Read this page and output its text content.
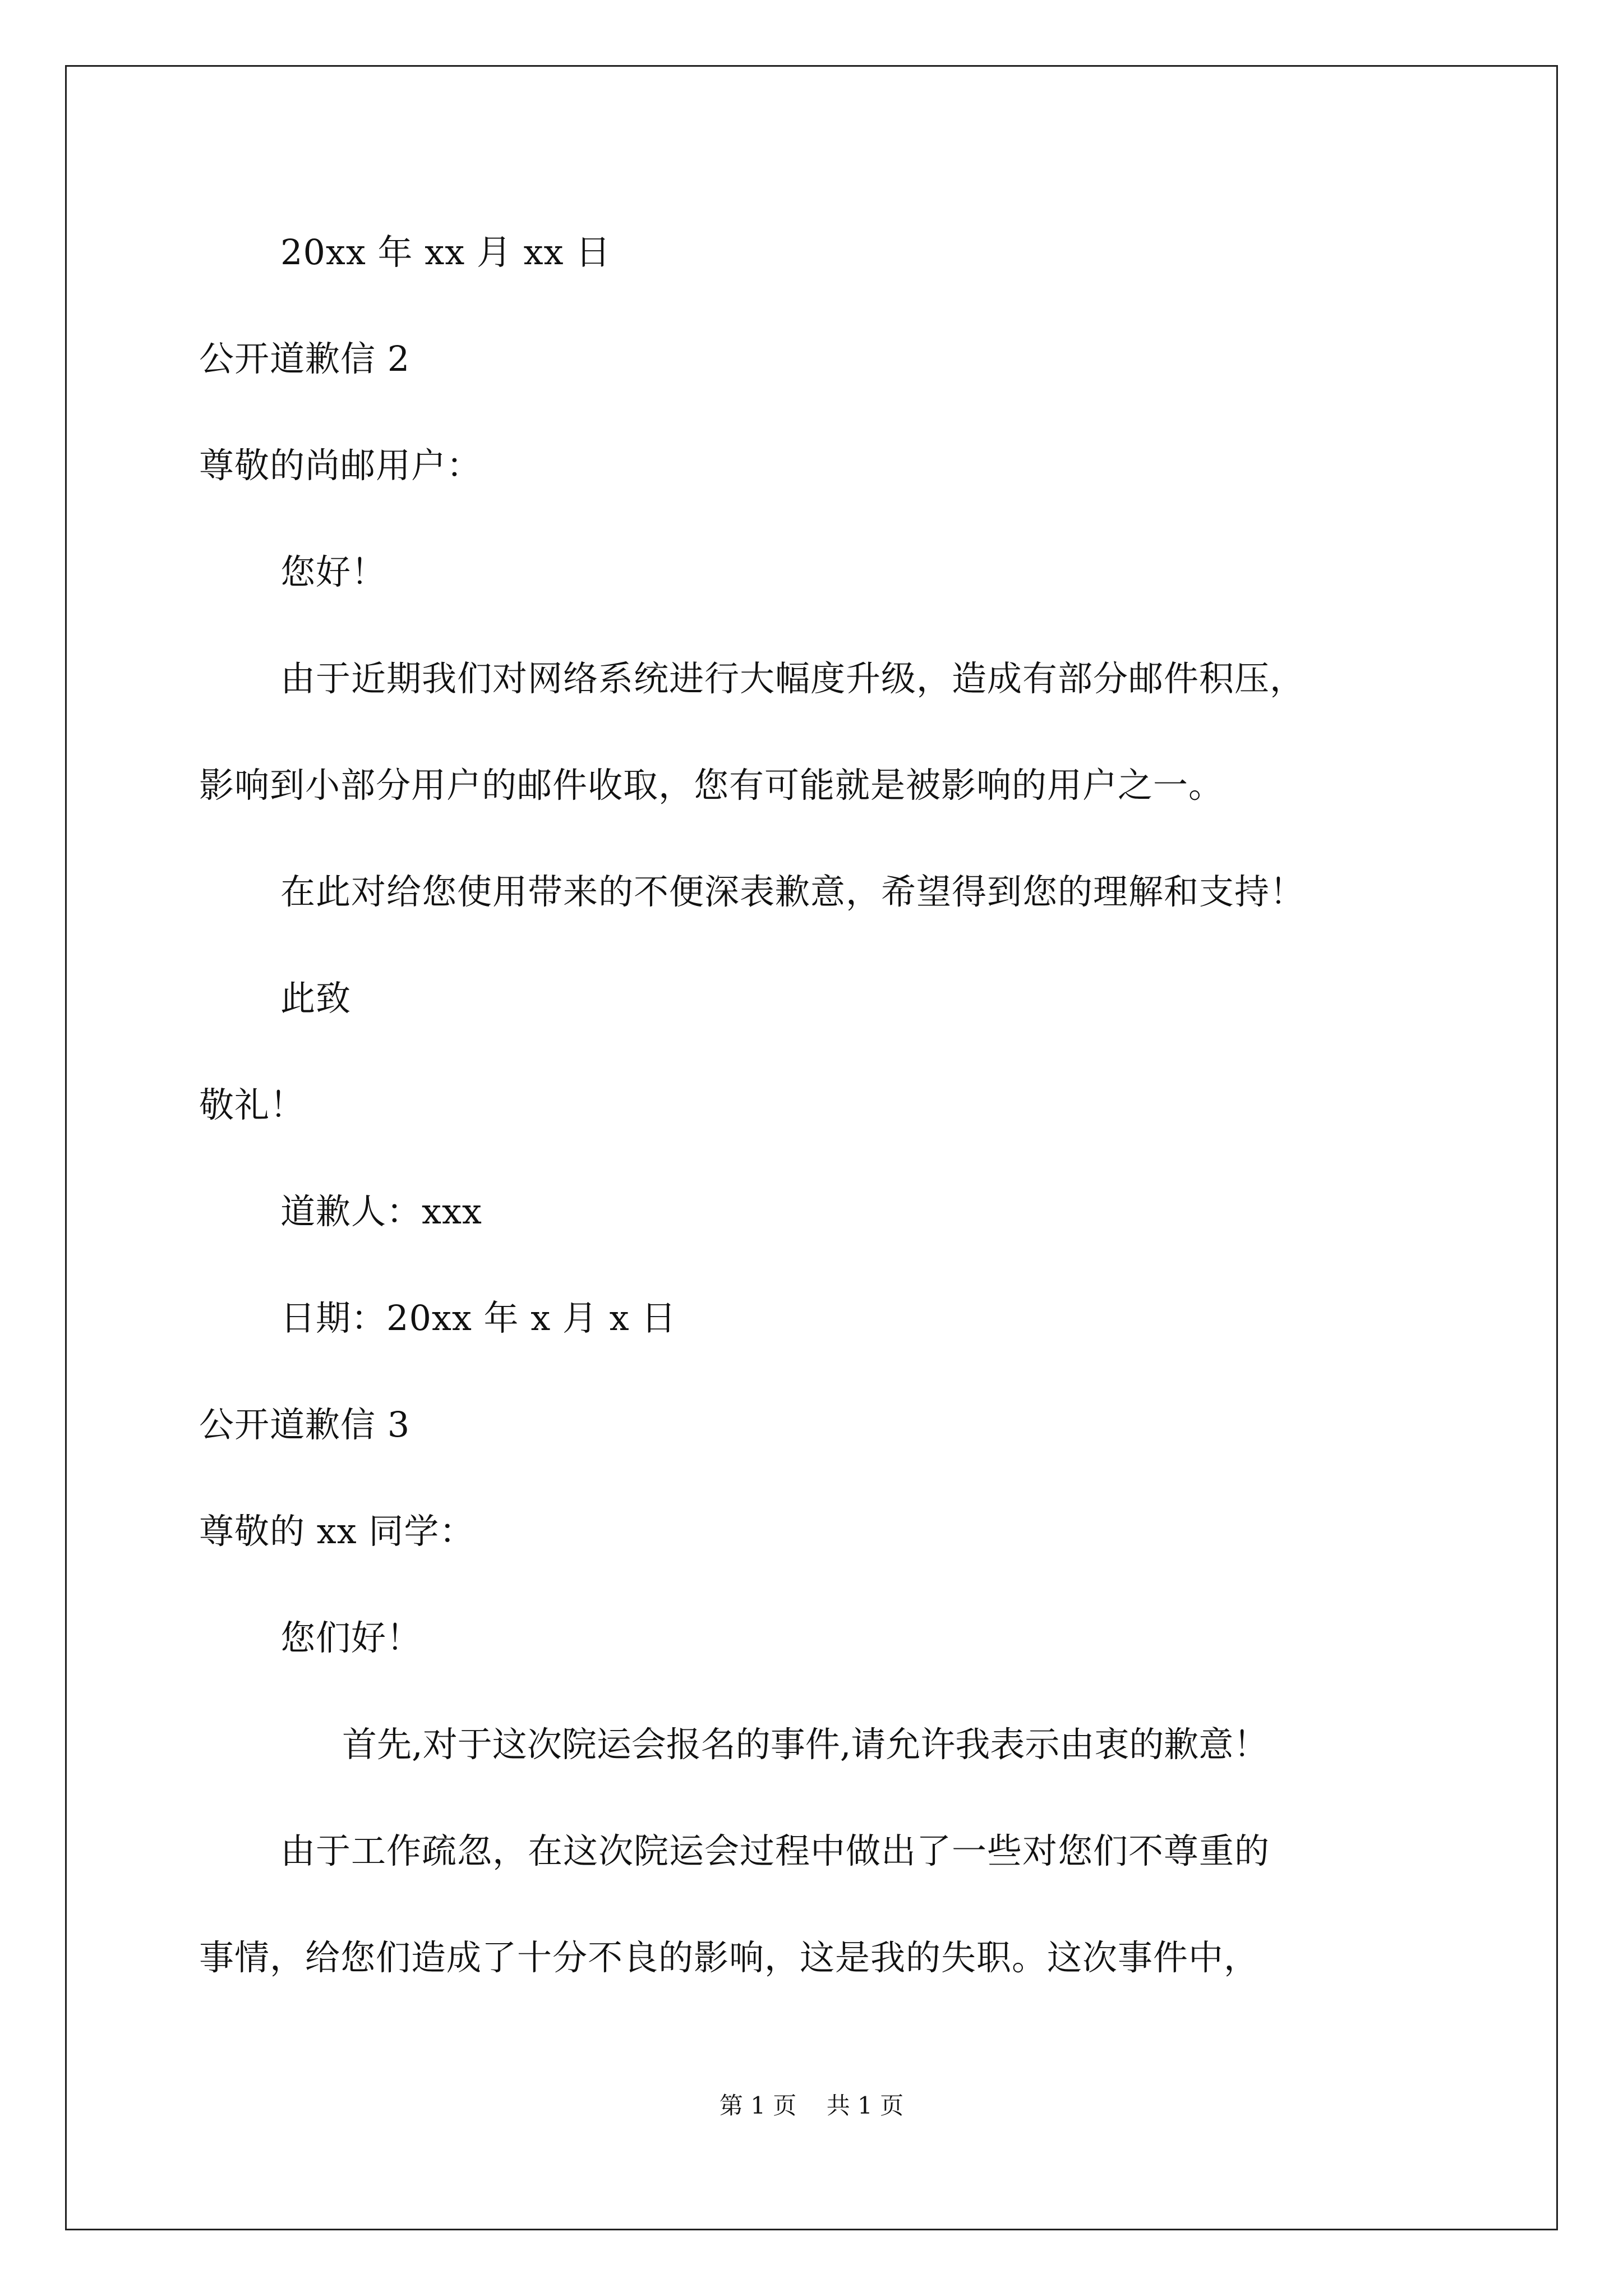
20xx 年 xx 月 xx 日
公开道歉信 2
尊敬的尚邮用户：
您好！
由于近期我们对网络系统进行大幅度升级，造成有部分邮件积压，
影响到小部分用户的邮件收取，您有可能就是被影响的用户之一。
在此对给您使用带来的不便深表歉意，希望得到您的理解和支持！
此致
敬礼！
道歉人：xxx
日期：20xx 年 x 月 x 日
公开道歉信 3
尊敬的 xx 同学：
您们好！
首先,对于这次院运会报名的事件,请允许我表示由衷的歉意！
由于工作疏忽，在这次院运会过程中做出了一些对您们不尊重的
事情，给您们造成了十分不良的影响，这是我的失职。这次事件中，
第 1 页    共 1 页
